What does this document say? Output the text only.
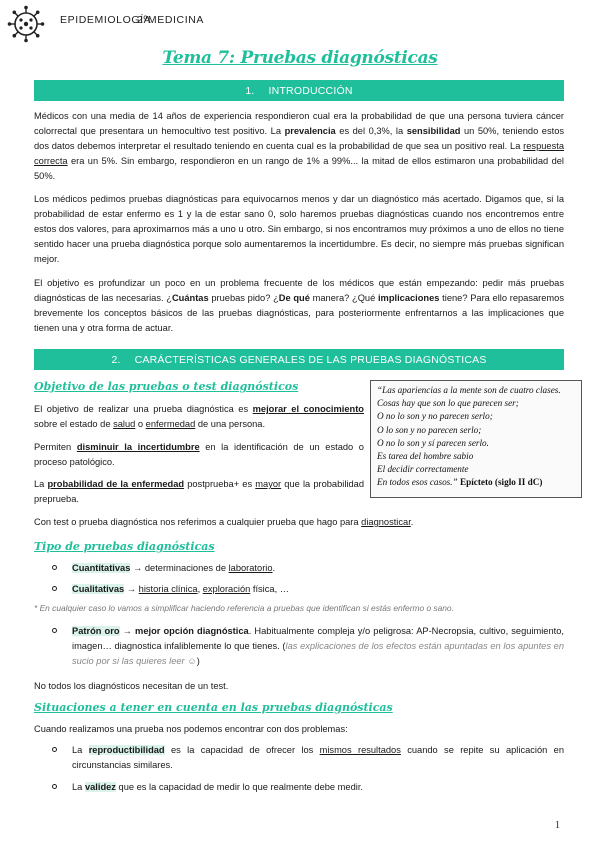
EPIDEMIOLOGÍA
2ºMEDICINA
Tema 7: Pruebas diagnósticas
1. INTRODUCCIÓN

Médicos con una media de 14 años de experiencia respondieron cual era la probabilidad de que una persona tuviera cáncer colorrectal que presentara un hemocultivo test positivo. La prevalencia es del 0,3%, la sensibilidad un 50%, teniendo estos dos datos debemos interpretar el resultado teniendo en cuenta cual es la probabilidad de que sea un positivo real. La respuesta correcta era un 5%. Sin embargo, respondieron en un rango de 1% a 99%... la mitad de ellos estimaron una probabilidad del 50%.

Los médicos pedimos pruebas diagnósticas para equivocarnos menos y dar un diagnóstico más acertado. Digamos que, si la probabilidad de estar enfermo es 1 y la de estar sano 0, solo haremos pruebas diagnósticas cuando nos encontremos entre estos dos valores, para aproximarnos más a uno u otro. Sin embargo, si nos encontramos muy próximos a uno de ellos no tiene sentido hacer una prueba diagnóstica porque solo aumentaremos la incertidumbre. Es decir, no siempre más pruebas significan mejor.

El objetivo es profundizar un poco en un problema frecuente de los médicos que están empezando: pedir más pruebas diagnósticas de las necesarias. ¿Cuántas pruebas pido? ¿De qué manera? ¿Qué implicaciones tiene? Para ello repasaremos brevemente los conceptos básicos de las pruebas diagnósticas, para posteriormente enfrentarnos a las implicaciones que tienen una y otra forma de actuar.

2. CARÁCTERÍSTICAS GENERALES DE LAS PRUEBAS DIAGNÓSTICAS
Objetivo de las pruebas o test diagnósticos

El objetivo de realizar una prueba diagnóstica es mejorar el conocimiento sobre el estado de salud o enfermedad de una persona.

Permiten disminuir la incertidumbre en la identificación de un estado o proceso patológico.

La probabilidad de la enfermedad postprueba+ es mayor que la probabilidad preprueba.

“Las apariencias a la mente son de cuatro clases.
Cosas hay que son lo que parecen ser;
O no lo son y no parecen serlo;
O lo son y no parecen serlo;
O no lo son y sí parecen serlo.
Es tarea del hombre sabio
El decidir correctamente
En todos esos casos.” Epícteto (siglo II dC)

Con test o prueba diagnóstica nos referimos a cualquier prueba que hago para diagnosticar.

Tipo de pruebas diagnósticas
Cuantitativas → determinaciones de laboratorio.
Cualitativas → historia clínica, exploración física, …

* En cualquier caso lo vamos a simplificar haciendo referencia a pruebas que identifican si estás enfermo o sano.

Patrón oro → mejor opción diagnóstica. Habitualmente compleja y/o peligrosa: AP-Necropsia, cultivo, seguimiento, imagen… diagnostica infaliblemente lo que tienes. (las explicaciones de los efectos están apuntadas en los apuntes en sucio por si las quieres leer ☺)

No todos los diagnósticos necesitan de un test.

Situaciones a tener en cuenta en las pruebas diagnósticas

Cuando realizamos una prueba nos podemos encontrar con dos problemas:

La reproductibilidad es la capacidad de ofrecer los mismos resultados cuando se repite su aplicación en circunstancias similares.
La validez que es la capacidad de medir lo que realmente debe medir.
1
